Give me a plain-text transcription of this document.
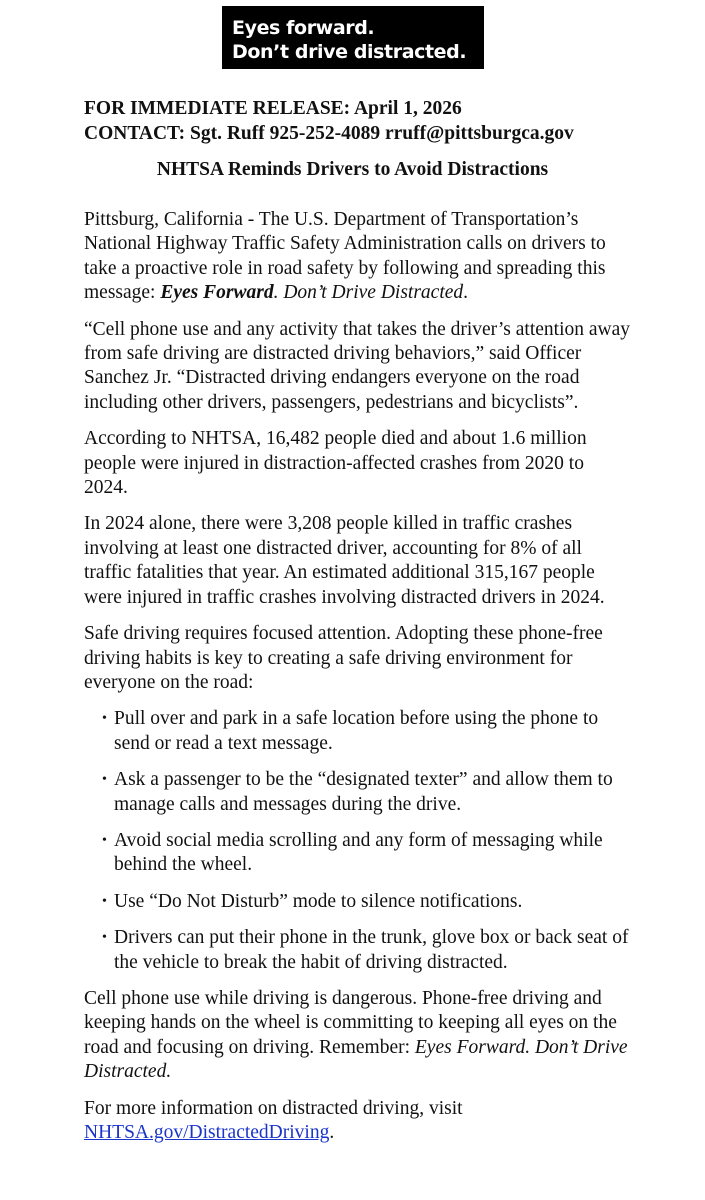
Eyes forward.
Don’t drive distracted.
FOR IMMEDIATE RELEASE: April 1, 2026
CONTACT: Sgt. Ruff 925-252-4089 rruff@pittsburgca.gov
NHTSA Reminds Drivers to Avoid Distractions

Pittsburg, California - The U.S. Department of Transportation’s National Highway Traffic Safety Administration calls on drivers to take a proactive role in road safety by following and spreading this message: Eyes Forward. Don’t Drive Distracted.

“Cell phone use and any activity that takes the driver’s attention away from safe driving are distracted driving behaviors,” said Officer Sanchez Jr. “Distracted driving endangers everyone on the road including other drivers, passengers, pedestrians and bicyclists”.

According to NHTSA, 16,482 people died and about 1.6 million people were injured in distraction-affected crashes from 2020 to 2024.

In 2024 alone, there were 3,208 people killed in traffic crashes involving at least one distracted driver, accounting for 8% of all traffic fatalities that year. An estimated additional 315,167 people were injured in traffic crashes involving distracted drivers in 2024.

Safe driving requires focused attention. Adopting these phone-free driving habits is key to creating a safe driving environment for everyone on the road:

• Pull over and park in a safe location before using the phone to send or read a text message.
• Ask a passenger to be the “designated texter” and allow them to manage calls and messages during the drive.
• Avoid social media scrolling and any form of messaging while behind the wheel.
• Use “Do Not Disturb” mode to silence notifications.
• Drivers can put their phone in the trunk, glove box or back seat of the vehicle to break the habit of driving distracted.

Cell phone use while driving is dangerous. Phone-free driving and keeping hands on the wheel is committing to keeping all eyes on the road and focusing on driving. Remember: Eyes Forward. Don’t Drive Distracted.

For more information on distracted driving, visit NHTSA.gov/DistractedDriving.
